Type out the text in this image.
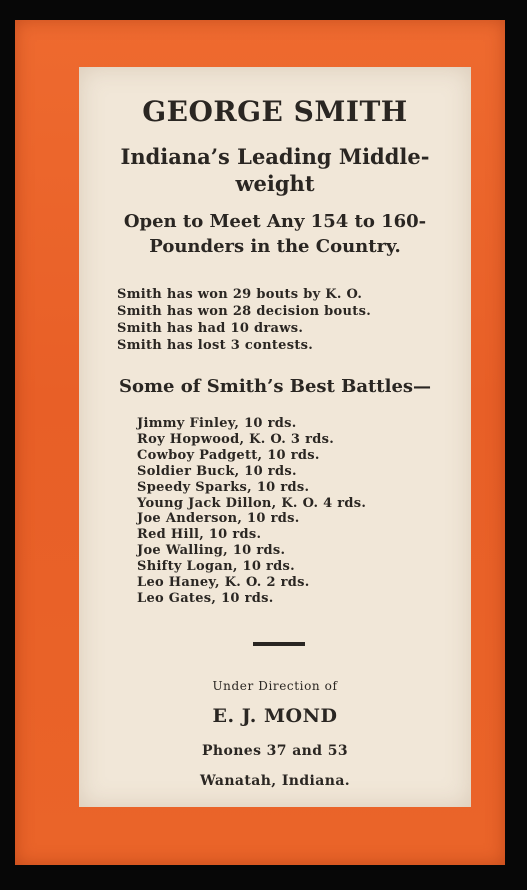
GEORGE SMITH
Indiana’s Leading Middle-
weight
Open to Meet Any 154 to 160-
Pounders in the Country.
Smith has won 29 bouts by K. O.
Smith has won 28 decision bouts.
Smith has had 10 draws.
Smith has lost 3 contests.
Some of Smith’s Best Battles—
Jimmy Finley, 10 rds.
Roy Hopwood, K. O. 3 rds.
Cowboy Padgett, 10 rds.
Soldier Buck, 10 rds.
Speedy Sparks, 10 rds.
Young Jack Dillon, K. O. 4 rds.
Joe Anderson, 10 rds.
Red Hill, 10 rds.
Joe Walling, 10 rds.
Shifty Logan, 10 rds.
Leo Haney, K. O. 2 rds.
Leo Gates, 10 rds.
Under Direction of
E. J. MOND
Phones 37 and 53
Wanatah, Indiana.
